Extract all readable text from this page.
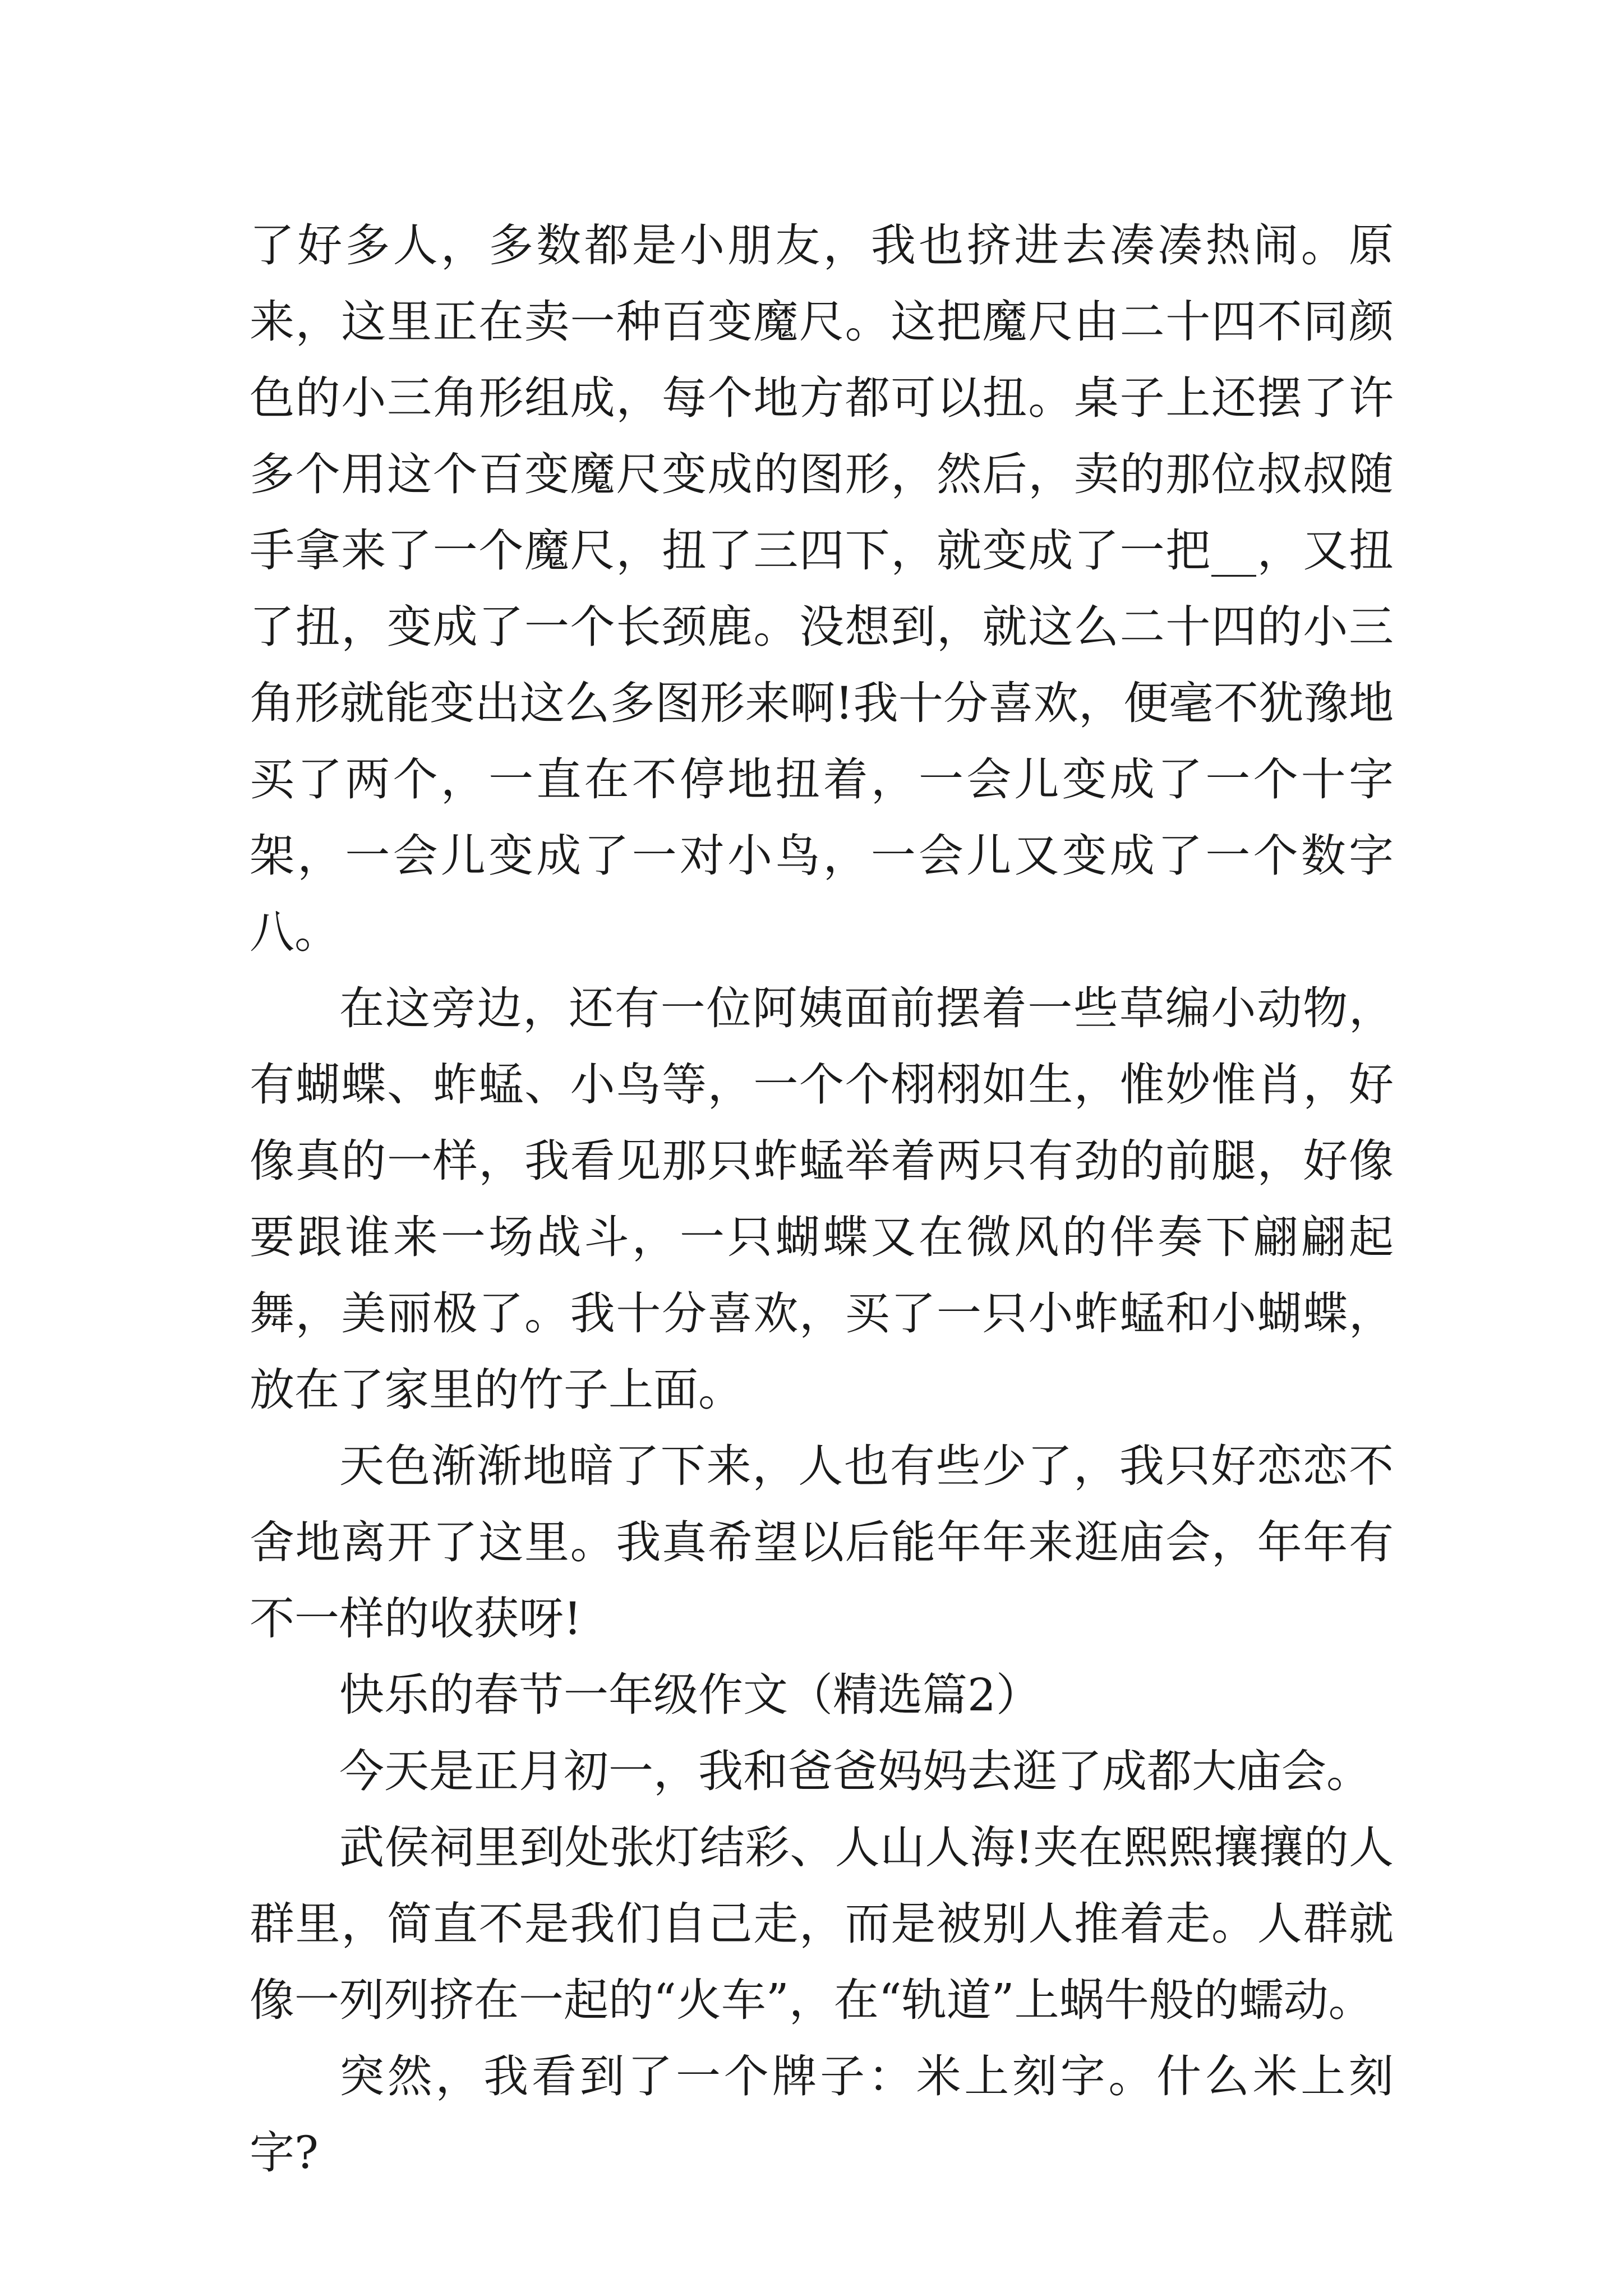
了好多人，多数都是小朋友，我也挤进去凑凑热闹。原来，这里正在卖一种百变魔尺。这把魔尺由二十四不同颜色的小三角形组成，每个地方都可以扭。桌子上还摆了许多个用这个百变魔尺变成的图形，然后，卖的那位叔叔随手拿来了一个魔尺，扭了三四下，就变成了一把__，又扭了扭，变成了一个长颈鹿。没想到，就这么二十四的小三角形就能变出这么多图形来啊!我十分喜欢，便毫不犹豫地买了两个，一直在不停地扭着，一会儿变成了一个十字架，一会儿变成了一对小鸟，一会儿又变成了一个数字八。

在这旁边，还有一位阿姨面前摆着一些草编小动物，有蝴蝶、蚱蜢、小鸟等，一个个栩栩如生，惟妙惟肖，好像真的一样，我看见那只蚱蜢举着两只有劲的前腿，好像要跟谁来一场战斗，一只蝴蝶又在微风的伴奏下翩翩起舞，美丽极了。我十分喜欢，买了一只小蚱蜢和小蝴蝶，放在了家里的竹子上面。

天色渐渐地暗了下来，人也有些少了，我只好恋恋不舍地离开了这里。我真希望以后能年年来逛庙会，年年有不一样的收获呀!

快乐的春节一年级作文（精选篇2）

今天是正月初一，我和爸爸妈妈去逛了成都大庙会。

武侯祠里到处张灯结彩、人山人海!夹在熙熙攘攘的人群里，简直不是我们自己走，而是被别人推着走。人群就像一列列挤在一起的“火车”，在“轨道”上蜗牛般的蠕动。

突然，我看到了一个牌子：米上刻字。什么米上刻字?
